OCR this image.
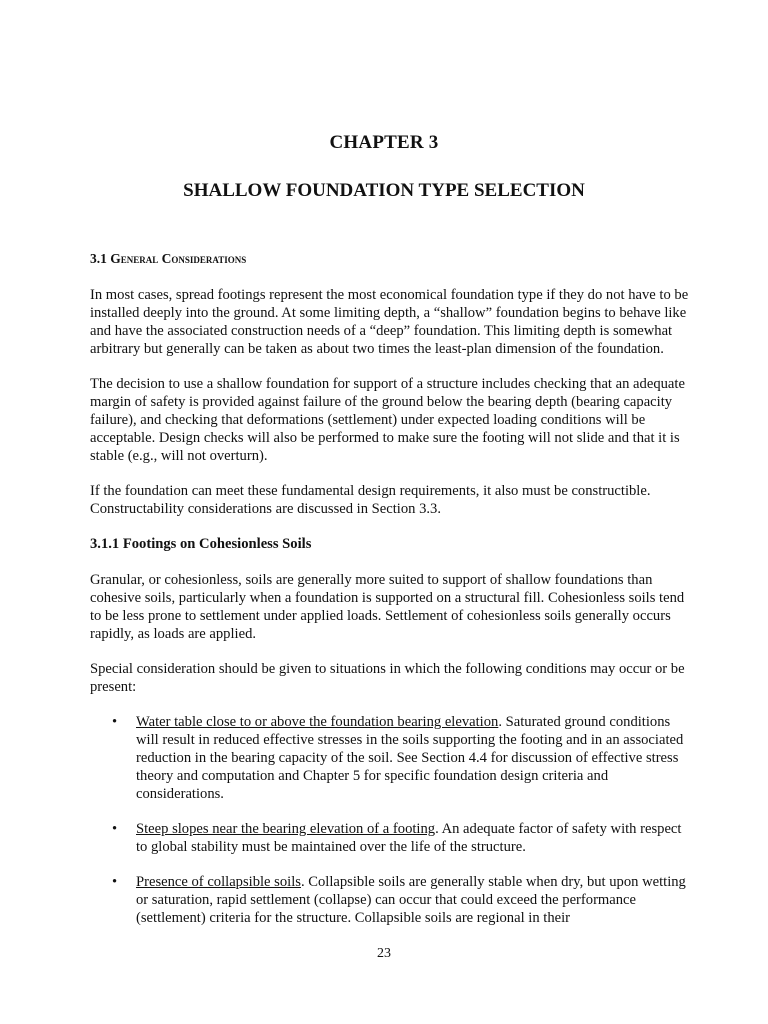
CHAPTER 3
SHALLOW FOUNDATION TYPE SELECTION
3.1 General Considerations

In most cases, spread footings represent the most economical foundation type if they do not have to be installed deeply into the ground. At some limiting depth, a “shallow” foundation begins to behave like and have the associated construction needs of a “deep” foundation. This limiting depth is somewhat arbitrary but generally can be taken as about two times the least-plan dimension of the foundation.

The decision to use a shallow foundation for support of a structure includes checking that an adequate margin of safety is provided against failure of the ground below the bearing depth (bearing capacity failure), and checking that deformations (settlement) under expected loading conditions will be acceptable. Design checks will also be performed to make sure the footing will not slide and that it is stable (e.g., will not overturn).

If the foundation can meet these fundamental design requirements, it also must be constructible. Constructability considerations are discussed in Section 3.3.

3.1.1 Footings on Cohesionless Soils

Granular, or cohesionless, soils are generally more suited to support of shallow foundations than cohesive soils, particularly when a foundation is supported on a structural fill. Cohesionless soils tend to be less prone to settlement under applied loads. Settlement of cohesionless soils generally occurs rapidly, as loads are applied.

Special consideration should be given to situations in which the following conditions may occur or be present:

• Water table close to or above the foundation bearing elevation. Saturated ground conditions will result in reduced effective stresses in the soils supporting the footing and in an associated reduction in the bearing capacity of the soil. See Section 4.4 for discussion of effective stress theory and computation and Chapter 5 for specific foundation design criteria and considerations.
• Steep slopes near the bearing elevation of a footing. An adequate factor of safety with respect to global stability must be maintained over the life of the structure.
• Presence of collapsible soils. Collapsible soils are generally stable when dry, but upon wetting or saturation, rapid settlement (collapse) can occur that could exceed the performance (settlement) criteria for the structure. Collapsible soils are regional in their
23
